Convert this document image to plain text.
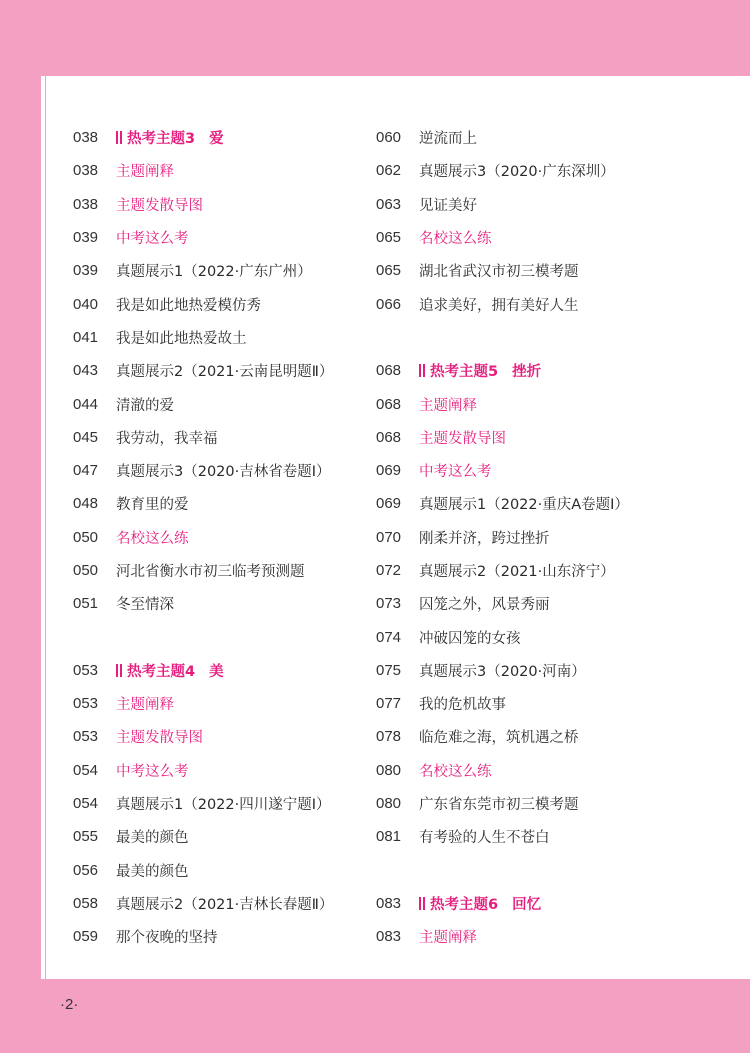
038	热考主题3 爱
038	主题阐释
038	主题发散导图
039	中考这么考
039	真题展示1（2022·广东广州）
040	我是如此地热爱模仿秀
041	我是如此地热爱故土
043	真题展示2（2021·云南昆明题Ⅱ）
044	清澈的爱
045	我劳动，我幸福
047	真题展示3（2020·吉林省卷题Ⅰ）
048	教育里的爱
050	名校这么练
050	河北省衡水市初三临考预测题
051	冬至情深
053	热考主题4 美
053	主题阐释
053	主题发散导图
054	中考这么考
054	真题展示1（2022·四川遂宁题Ⅰ）
055	最美的颜色
056	最美的颜色
058	真题展示2（2021·吉林长春题Ⅱ）
059	那个夜晚的坚持
060	逆流而上
062	真题展示3（2020·广东深圳）
063	见证美好
065	名校这么练
065	湖北省武汉市初三模考题
066	追求美好，拥有美好人生
068	热考主题5 挫折
068	主题阐释
068	主题发散导图
069	中考这么考
069	真题展示1（2022·重庆A卷题Ⅰ）
070	刚柔并济，跨过挫折
072	真题展示2（2021·山东济宁）
073	囚笼之外，风景秀丽
074	冲破囚笼的女孩
075	真题展示3（2020·河南）
077	我的危机故事
078	临危难之海，筑机遇之桥
080	名校这么练
080	广东省东莞市初三模考题
081	有考验的人生不苍白
083	热考主题6 回忆
083	主题阐释
·2·
